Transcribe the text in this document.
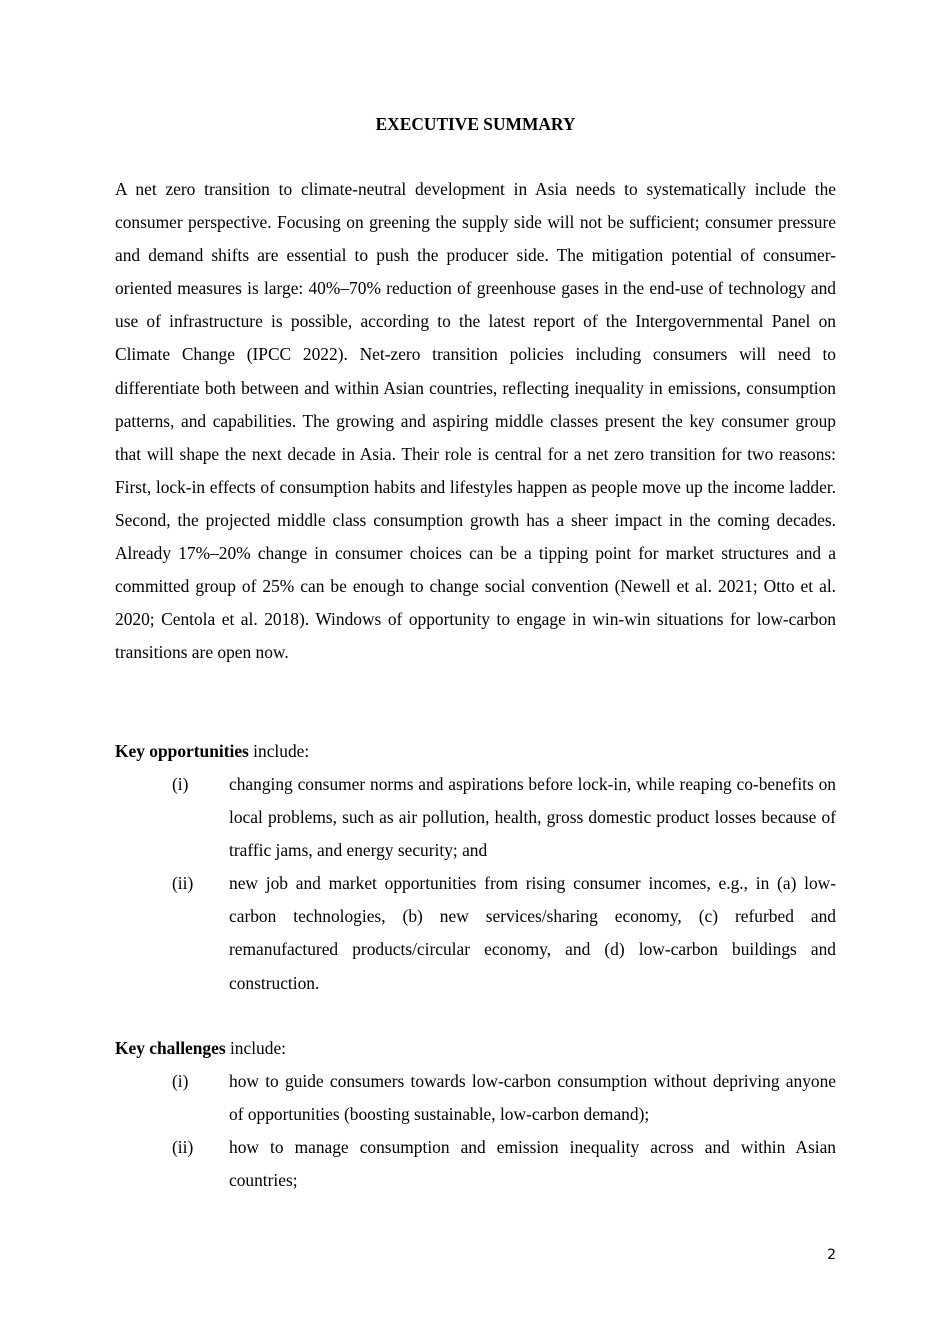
EXECUTIVE SUMMARY

A net zero transition to climate-neutral development in Asia needs to systematically include the consumer perspective. Focusing on greening the supply side will not be sufficient; consumer pressure and demand shifts are essential to push the producer side. The mitigation potential of consumer-oriented measures is large: 40%–70% reduction of greenhouse gases in the end-use of technology and use of infrastructure is possible, according to the latest report of the Intergovernmental Panel on Climate Change (IPCC 2022). Net-zero transition policies including consumers will need to differentiate both between and within Asian countries, reflecting inequality in emissions, consumption patterns, and capabilities. The growing and aspiring middle classes present the key consumer group that will shape the next decade in Asia. Their role is central for a net zero transition for two reasons: First, lock-in effects of consumption habits and lifestyles happen as people move up the income ladder. Second, the projected middle class consumption growth has a sheer impact in the coming decades. Already 17%–20% change in consumer choices can be a tipping point for market structures and a committed group of 25% can be enough to change social convention (Newell et al. 2021; Otto et al. 2020; Centola et al. 2018). Windows of opportunity to engage in win-win situations for low-carbon transitions are open now.

Key opportunities include:

(i)	changing consumer norms and aspirations before lock-in, while reaping co-benefits on local problems, such as air pollution, health, gross domestic product losses because of traffic jams, and energy security; and
(ii)	new job and market opportunities from rising consumer incomes, e.g., in (a) low-carbon technologies, (b) new services/sharing economy, (c) refurbed and remanufactured products/circular economy, and (d) low-carbon buildings and construction.

Key challenges include:

(i)	how to guide consumers towards low-carbon consumption without depriving anyone of opportunities (boosting sustainable, low-carbon demand);
(ii)	how to manage consumption and emission inequality across and within Asian countries;
2
